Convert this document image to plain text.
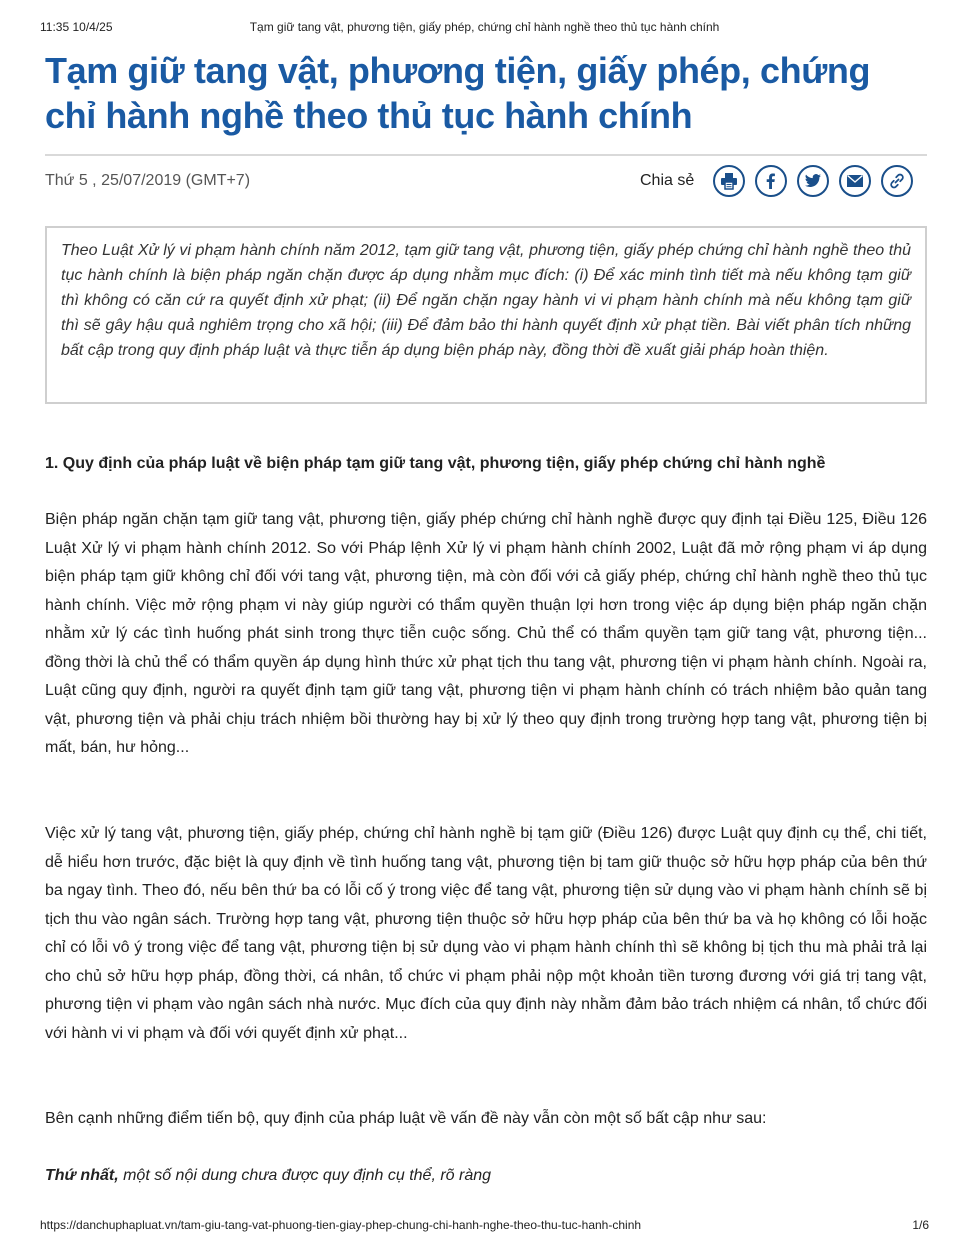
11:35 10/4/25	Tạm giữ tang vật, phương tiện, giấy phép, chứng chỉ hành nghề theo thủ tục hành chính
Tạm giữ tang vật, phương tiện, giấy phép, chứng chỉ hành nghề theo thủ tục hành chính
Thứ 5 , 25/07/2019 (GMT+7)	Chia sẻ

Theo Luật Xử lý vi phạm hành chính năm 2012, tạm giữ tang vật, phương tiện, giấy phép chứng chỉ hành nghề theo thủ tục hành chính là biện pháp ngăn chặn được áp dụng nhằm mục đích: (i) Để xác minh tình tiết mà nếu không tạm giữ thì không có căn cứ ra quyết định xử phạt; (ii) Để ngăn chặn ngay hành vi vi phạm hành chính mà nếu không tạm giữ thì sẽ gây hậu quả nghiêm trọng cho xã hội; (iii) Để đảm bảo thi hành quyết định xử phạt tiền. Bài viết phân tích những bất cập trong quy định pháp luật và thực tiễn áp dụng biện pháp này, đồng thời đề xuất giải pháp hoàn thiện.

1. Quy định của pháp luật về biện pháp tạm giữ tang vật, phương tiện, giấy phép chứng chỉ hành nghề

Biện pháp ngăn chặn tạm giữ tang vật, phương tiện, giấy phép chứng chỉ hành nghề được quy định tại Điều 125, Điều 126 Luật Xử lý vi phạm hành chính 2012. So với Pháp lệnh Xử lý vi phạm hành chính 2002, Luật đã mở rộng phạm vi áp dụng biện pháp tạm giữ không chỉ đối với tang vật, phương tiện, mà còn đối với cả giấy phép, chứng chỉ hành nghề theo thủ tục hành chính. Việc mở rộng phạm vi này giúp người có thẩm quyền thuận lợi hơn trong việc áp dụng biện pháp ngăn chặn nhằm xử lý các tình huống phát sinh trong thực tiễn cuộc sống. Chủ thể có thẩm quyền tạm giữ tang vật, phương tiện... đồng thời là chủ thể có thẩm quyền áp dụng hình thức xử phạt tịch thu tang vật, phương tiện vi phạm hành chính. Ngoài ra, Luật cũng quy định, người ra quyết định tạm giữ tang vật, phương tiện vi phạm hành chính có trách nhiệm bảo quản tang vật, phương tiện và phải chịu trách nhiệm bồi thường hay bị xử lý theo quy định trong trường hợp tang vật, phương tiện bị mất, bán, hư hỏng...

Việc xử lý tang vật, phương tiện, giấy phép, chứng chỉ hành nghề bị tạm giữ (Điều 126) được Luật quy định cụ thể, chi tiết, dễ hiểu hơn trước, đặc biệt là quy định về tình huống tang vật, phương tiện bị tam giữ thuộc sở hữu hợp pháp của bên thứ ba ngay tình. Theo đó, nếu bên thứ ba có lỗi cố ý trong việc để tang vật, phương tiện sử dụng vào vi phạm hành chính sẽ bị tịch thu vào ngân sách. Trường hợp tang vật, phương tiện thuộc sở hữu hợp pháp của bên thứ ba và họ không có lỗi hoặc chỉ có lỗi vô ý trong việc để tang vật, phương tiện bị sử dụng vào vi phạm hành chính thì sẽ không bị tịch thu mà phải trả lại cho chủ sở hữu hợp pháp, đồng thời, cá nhân, tổ chức vi phạm phải nộp một khoản tiền tương đương với giá trị tang vật, phương tiện vi phạm vào ngân sách nhà nước. Mục đích của quy định này nhằm đảm bảo trách nhiệm cá nhân, tổ chức đối với hành vi vi phạm và đối với quyết định xử phạt...

Bên cạnh những điểm tiến bộ, quy định của pháp luật về vấn đề này vẫn còn một số bất cập như sau:

Thứ nhất, một số nội dung chưa được quy định cụ thể, rõ ràng

https://danchuphapluat.vn/tam-giu-tang-vat-phuong-tien-giay-phep-chung-chi-hanh-nghe-theo-thu-tuc-hanh-chinh	1/6
